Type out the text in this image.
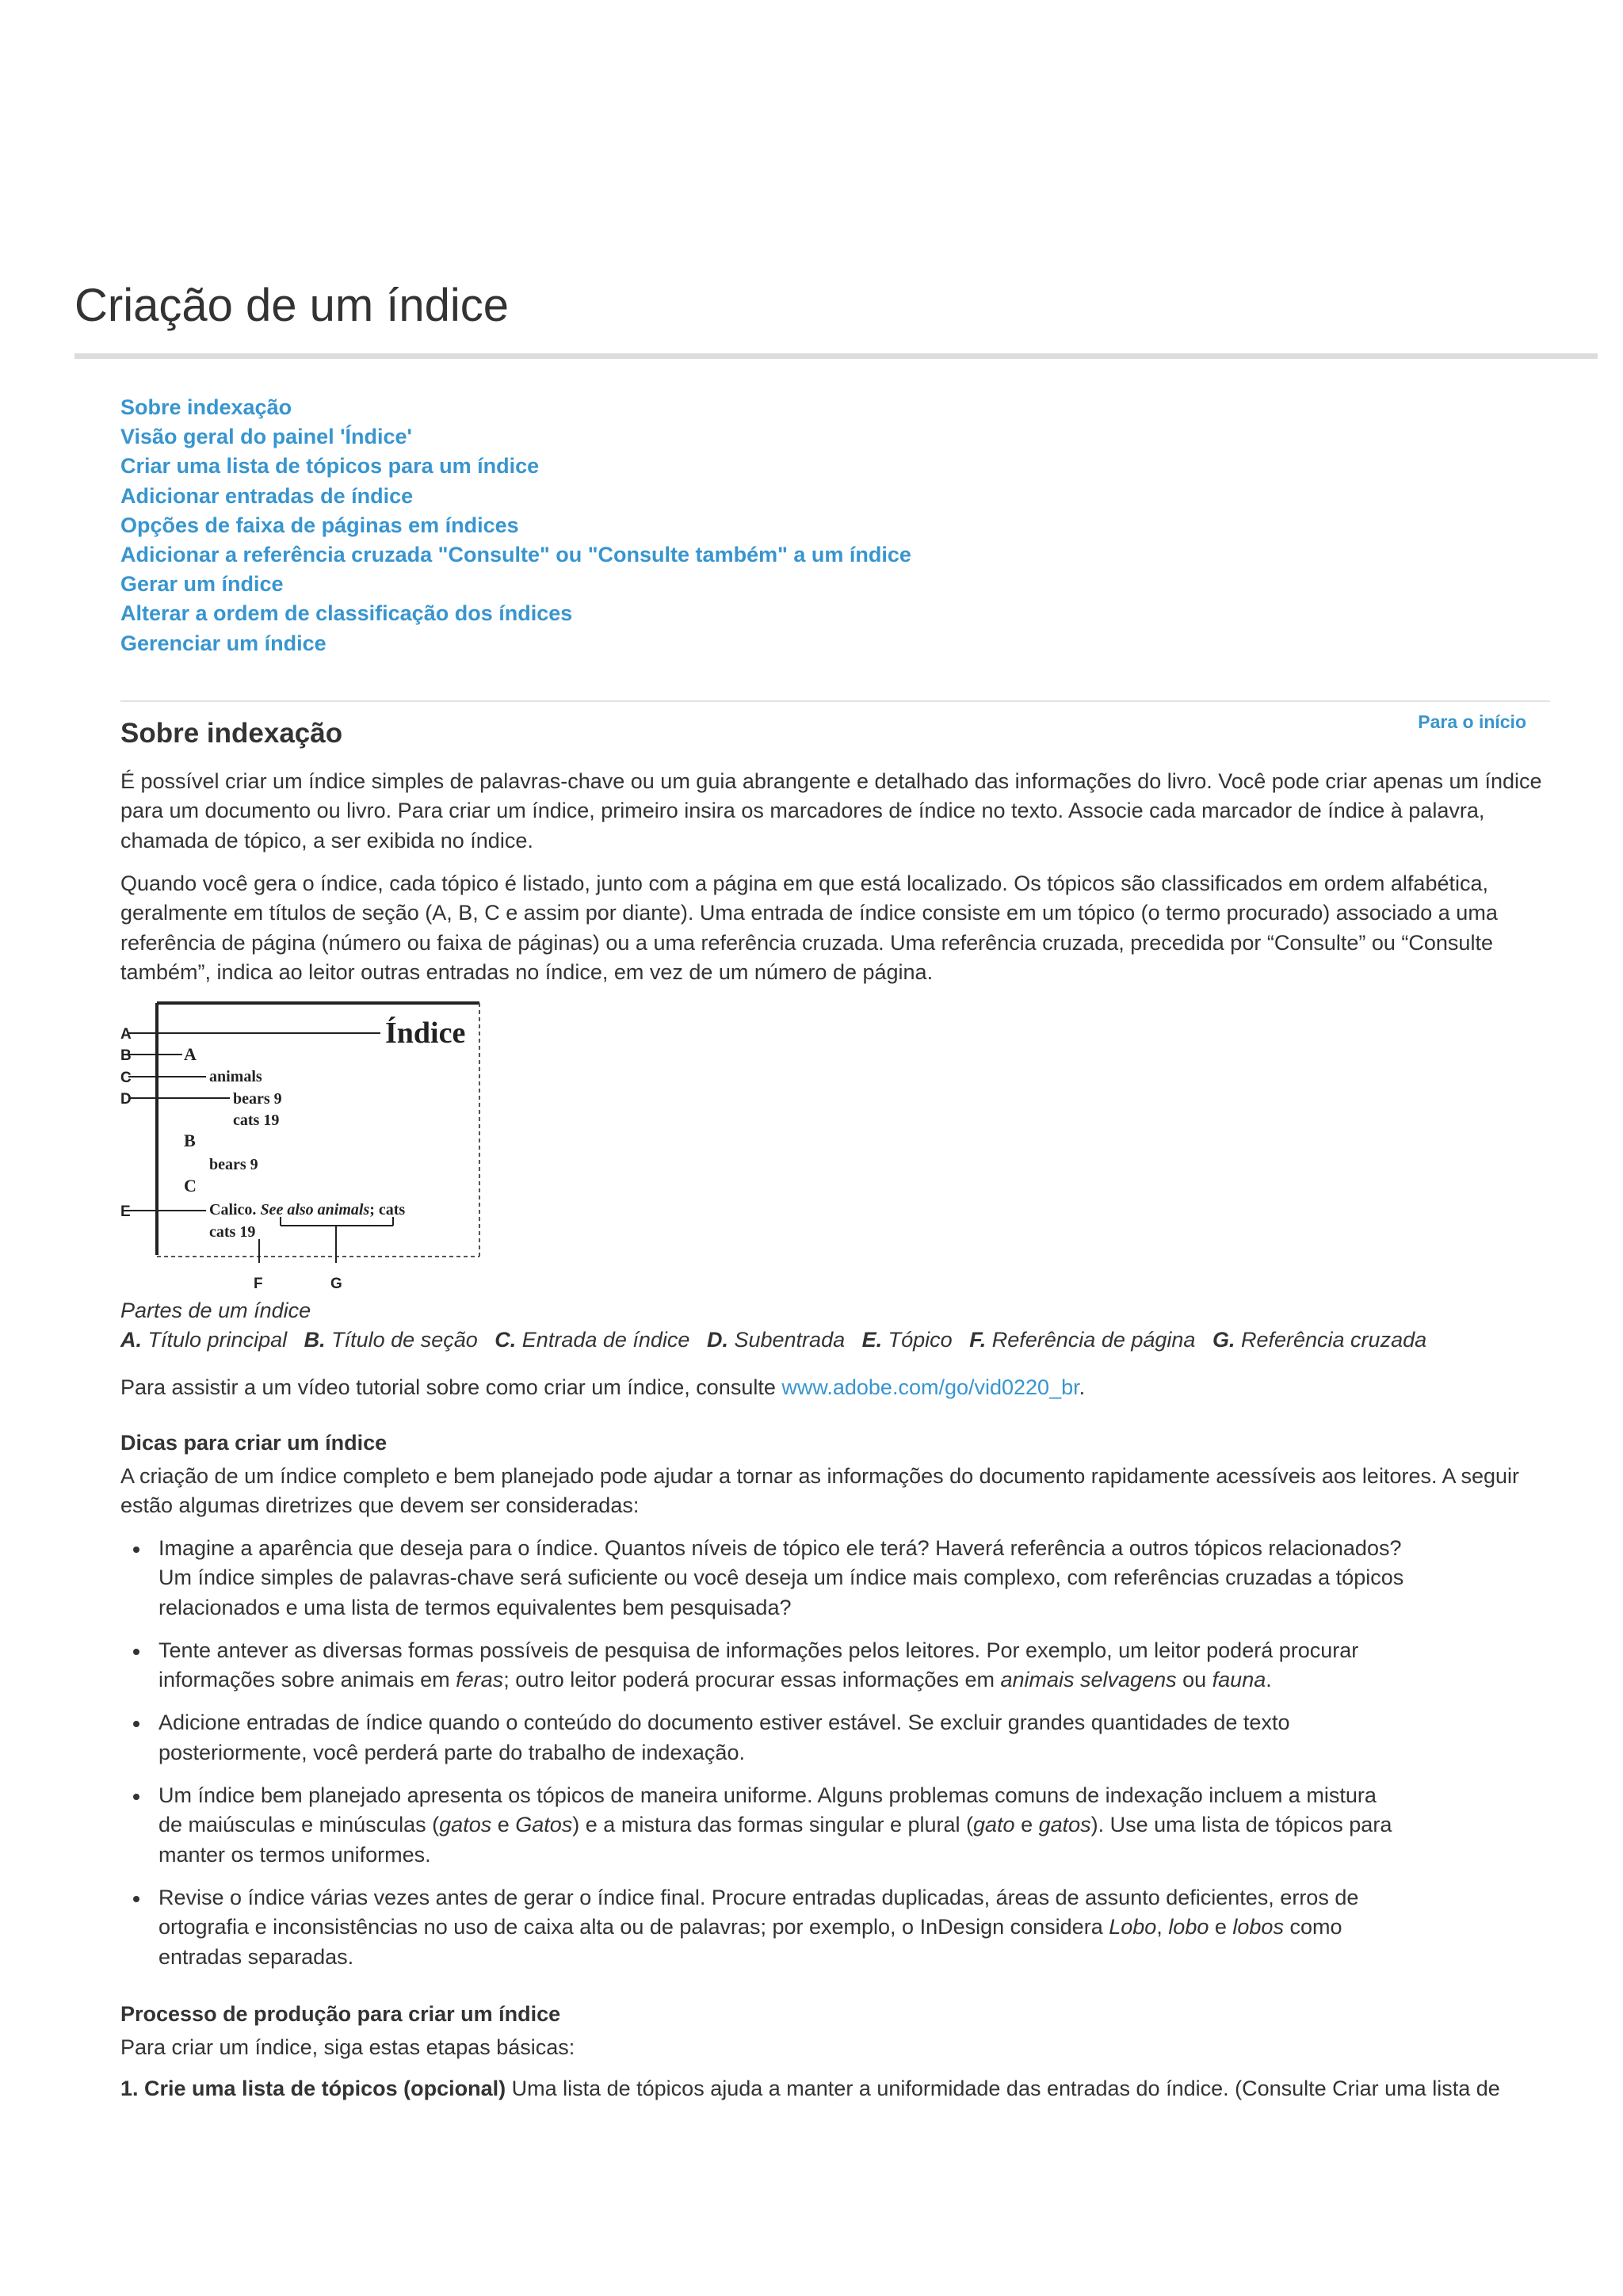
Criação de um índice
Sobre indexação
Visão geral do painel 'Índice'
Criar uma lista de tópicos para um índice
Adicionar entradas de índice
Opções de faixa de páginas em índices
Adicionar a referência cruzada "Consulte" ou "Consulte também" a um índice
Gerar um índice
Alterar a ordem de classificação dos índices
Gerenciar um índice
Para o início
Sobre indexação

É possível criar um índice simples de palavras-chave ou um guia abrangente e detalhado das informações do livro. Você pode criar apenas um índice para um documento ou livro. Para criar um índice, primeiro insira os marcadores de índice no texto. Associe cada marcador de índice à palavra, chamada de tópico, a ser exibida no índice.

Quando você gera o índice, cada tópico é listado, junto com a página em que está localizado. Os tópicos são classificados em ordem alfabética, geralmente em títulos de seção (A, B, C e assim por diante). Uma entrada de índice consiste em um tópico (o termo procurado) associado a uma referência de página (número ou faixa de páginas) ou a uma referência cruzada. Uma referência cruzada, precedida por “Consulte” ou “Consulte também”, indica ao leitor outras entradas no índice, em vez de um número de página.

A
B
C
D
E
F	G
Índice
A
animals
bears 9
cats 19
B
bears 9
C
Calico. See also animals; cats
cats 19

Partes de um índice

A. Título principal B. Título de seção C. Entrada de índice D. Subentrada E. Tópico F. Referência de página G. Referência cruzada

Para assistir a um vídeo tutorial sobre como criar um índice, consulte www.adobe.com/go/vid0220_br.

Dicas para criar um índice

A criação de um índice completo e bem planejado pode ajudar a tornar as informações do documento rapidamente acessíveis aos leitores. A seguir estão algumas diretrizes que devem ser consideradas:

Imagine a aparência que deseja para o índice. Quantos níveis de tópico ele terá? Haverá referência a outros tópicos relacionados? Um índice simples de palavras-chave será suficiente ou você deseja um índice mais complexo, com referências cruzadas a tópicos relacionados e uma lista de termos equivalentes bem pesquisada?
Tente antever as diversas formas possíveis de pesquisa de informações pelos leitores. Por exemplo, um leitor poderá procurar informações sobre animais em feras; outro leitor poderá procurar essas informações em animais selvagens ou fauna.
Adicione entradas de índice quando o conteúdo do documento estiver estável. Se excluir grandes quantidades de texto posteriormente, você perderá parte do trabalho de indexação.
Um índice bem planejado apresenta os tópicos de maneira uniforme. Alguns problemas comuns de indexação incluem a mistura de maiúsculas e minúsculas (gatos e Gatos) e a mistura das formas singular e plural (gato e gatos). Use uma lista de tópicos para manter os termos uniformes.
Revise o índice várias vezes antes de gerar o índice final. Procure entradas duplicadas, áreas de assunto deficientes, erros de ortografia e inconsistências no uso de caixa alta ou de palavras; por exemplo, o InDesign considera Lobo, lobo e lobos como entradas separadas.
Processo de produção para criar um índice

Para criar um índice, siga estas etapas básicas:

1. Crie uma lista de tópicos (opcional) Uma lista de tópicos ajuda a manter a uniformidade das entradas do índice. (Consulte Criar uma lista de
